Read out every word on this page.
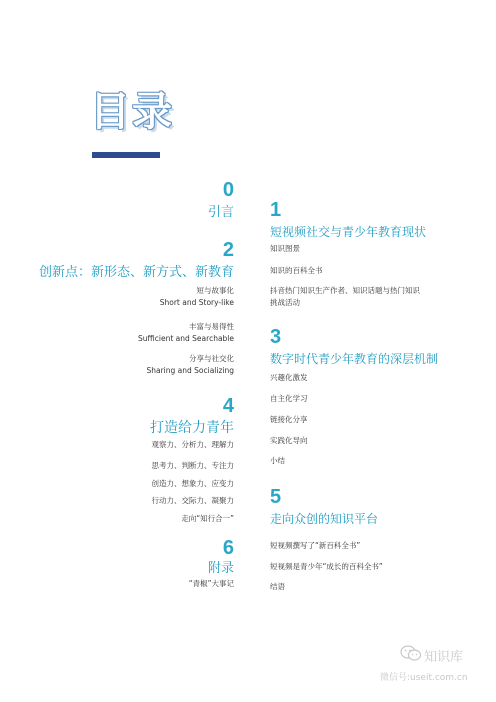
目录
0
引言
2
创新点：新形态、新方式、新教育
短与故事化
Short and Story-like
丰富与易得性
Sufficient and Searchable
分享与社交化
Sharing and Socializing
4
打造给力青年
观察力、分析力、理解力
思考力、判断力、专注力
创造力、想象力、应变力
行动力、交际力、凝聚力
走向“知行合一”
6
附录
“青椒”大事记
1
短视频社交与青少年教育现状
知识图景
知识的百科全书
抖音热门知识生产作者、知识话题与热门知识
挑战活动
3
数字时代青少年教育的深层机制
兴趣化激发
自主化学习
链接化分享
实践化导向
小结
5
走向众创的知识平台
短视频撰写了“新百科全书”
短视频是青少年“成长的百科全书”
结语
知识库
微信号:useit.com.cn
